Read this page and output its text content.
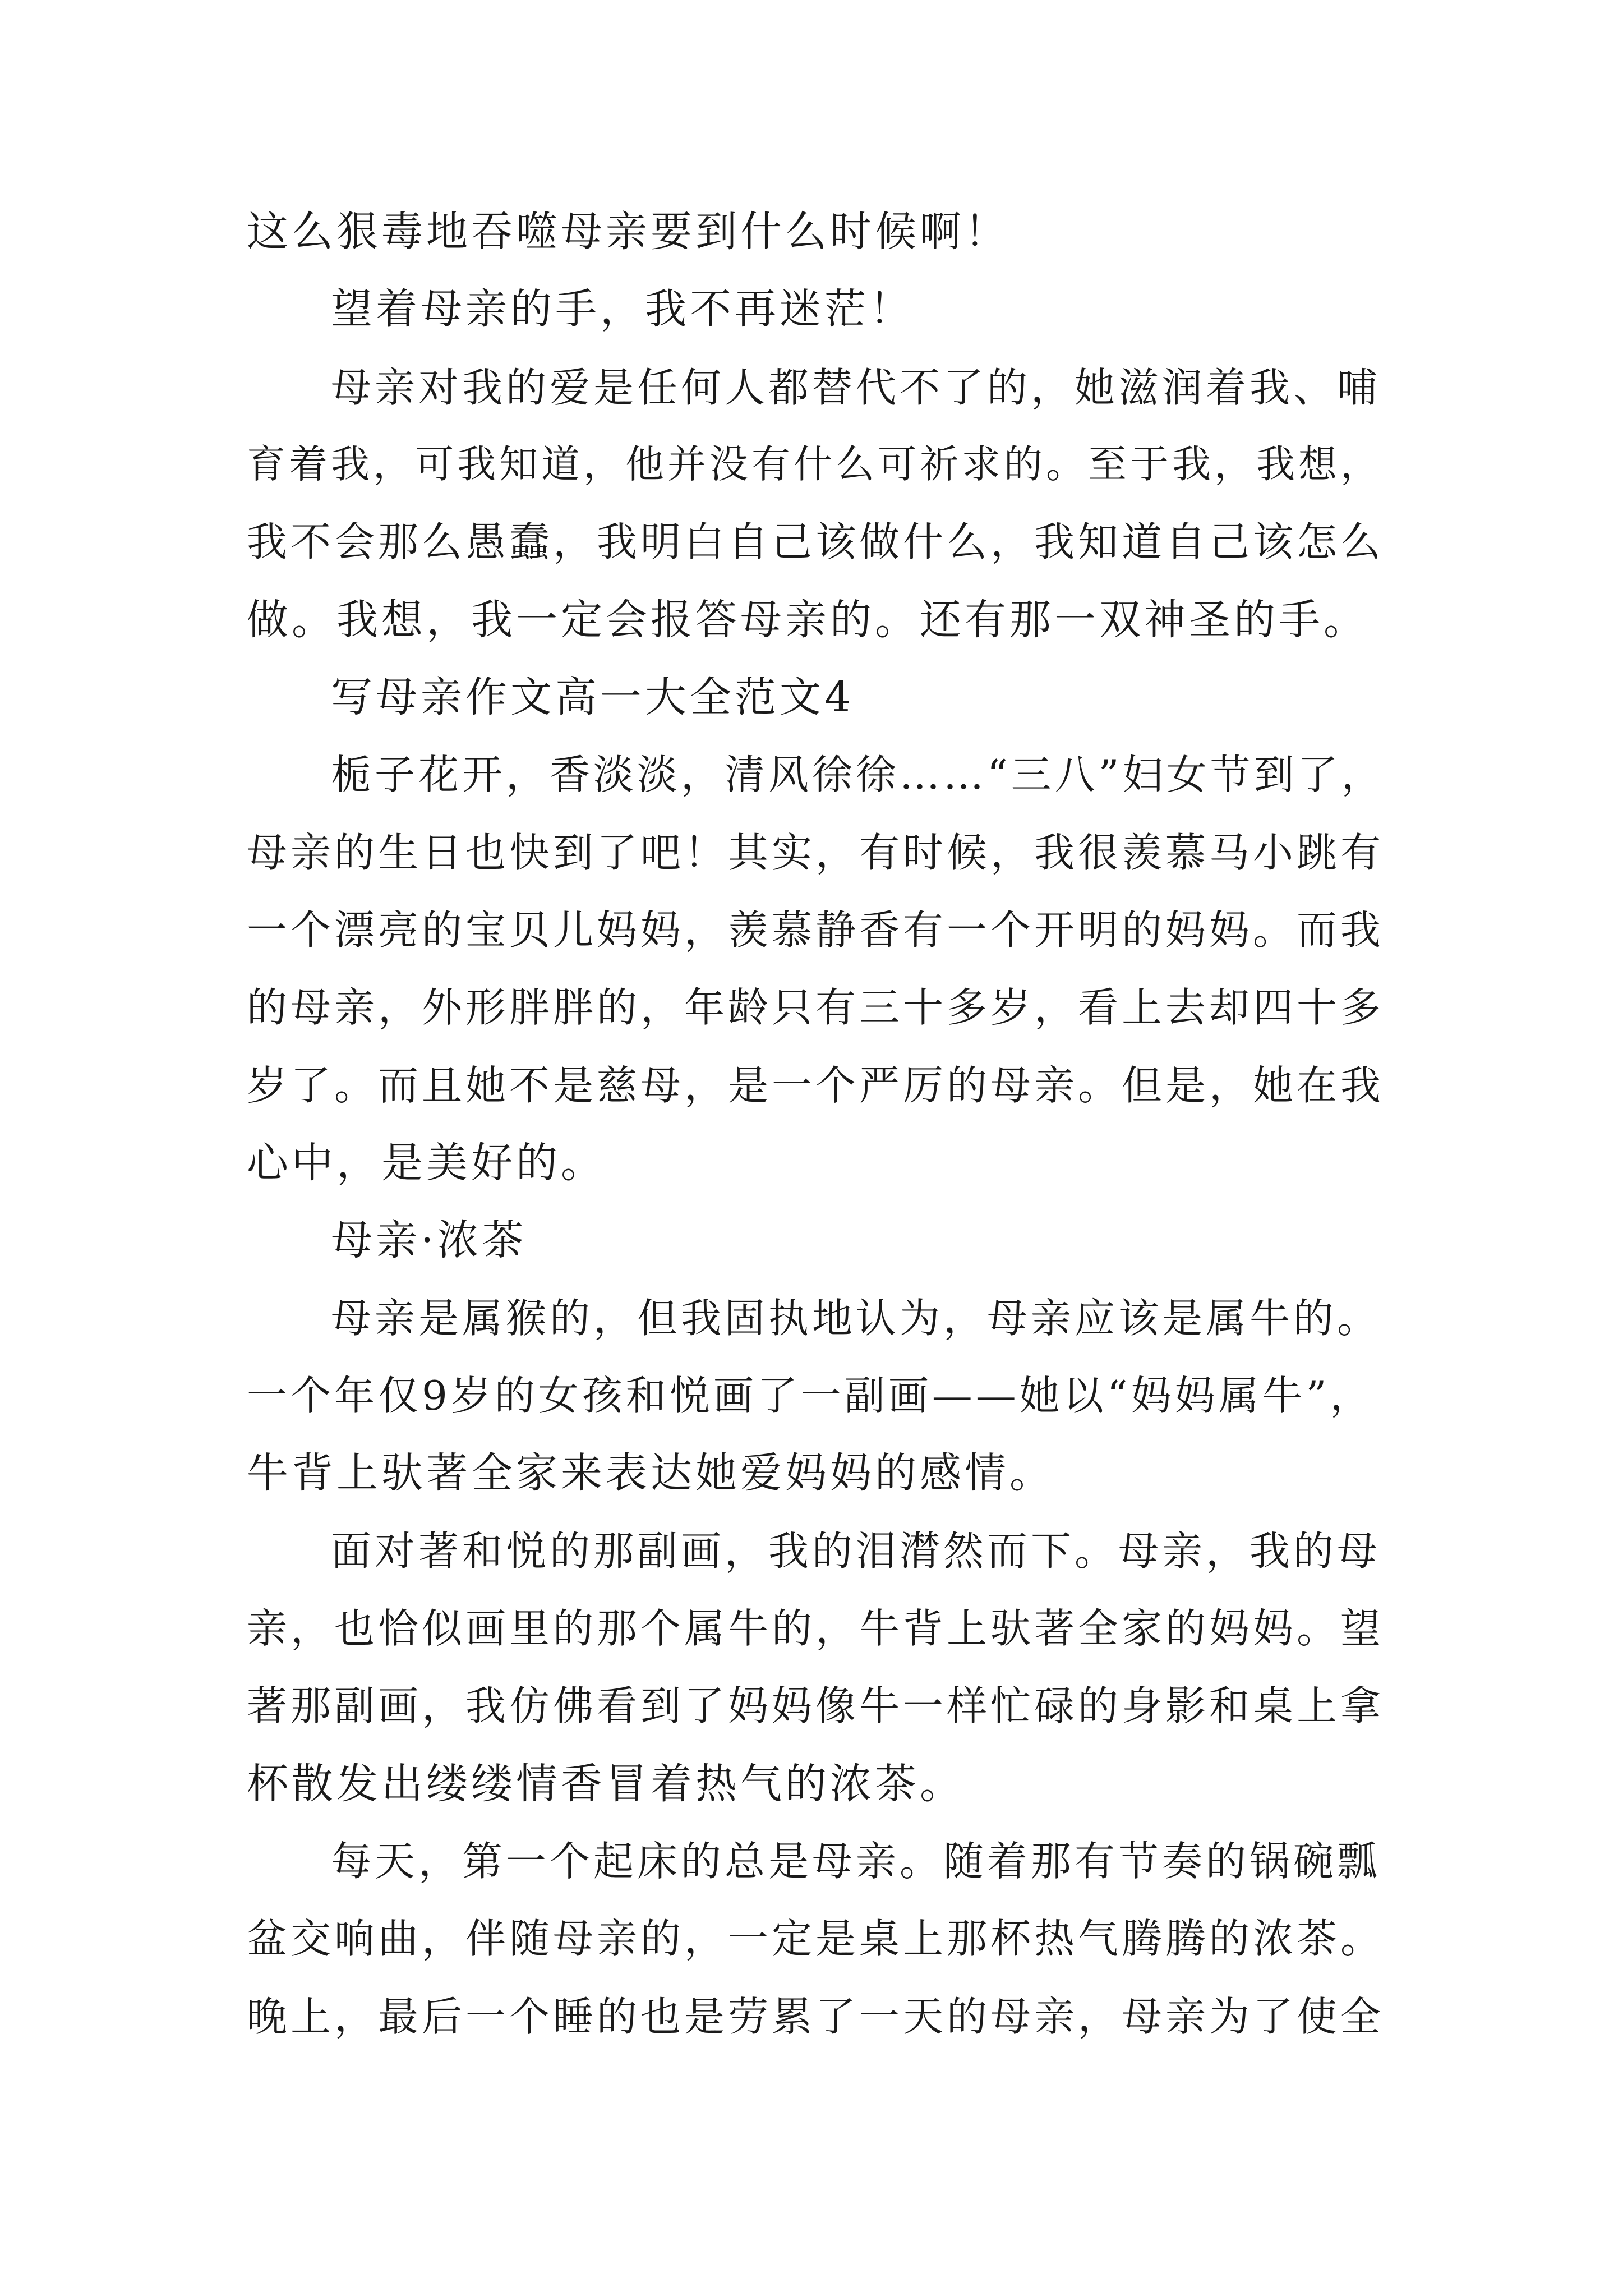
这么狠毒地吞噬母亲要到什么时候啊！
望着母亲的手，我不再迷茫！
母亲对我的爱是任何人都替代不了的，她滋润着我、哺
育着我，可我知道，他并没有什么可祈求的。至于我，我想，
我不会那么愚蠢，我明白自己该做什么，我知道自己该怎么
做。我想，我一定会报答母亲的。还有那一双神圣的手。
写母亲作文高一大全范文4
栀子花开，香淡淡，清风徐徐……“三八”妇女节到了，
母亲的生日也快到了吧！其实，有时候，我很羡慕马小跳有
一个漂亮的宝贝儿妈妈，羡慕静香有一个开明的妈妈。而我
的母亲，外形胖胖的，年龄只有三十多岁，看上去却四十多
岁了。而且她不是慈母，是一个严厉的母亲。但是，她在我
心中，是美好的。
母亲·浓茶
母亲是属猴的，但我固执地认为，母亲应该是属牛的。
一个年仅9岁的女孩和悦画了一副画——她以“妈妈属牛”，
牛背上驮著全家来表达她爱妈妈的感情。
面对著和悦的那副画，我的泪潸然而下。母亲，我的母
亲，也恰似画里的那个属牛的，牛背上驮著全家的妈妈。望
著那副画，我仿佛看到了妈妈像牛一样忙碌的身影和桌上拿
杯散发出缕缕情香冒着热气的浓茶。
每天，第一个起床的总是母亲。随着那有节奏的锅碗瓢
盆交响曲，伴随母亲的，一定是桌上那杯热气腾腾的浓茶。
晚上，最后一个睡的也是劳累了一天的母亲，母亲为了使全
